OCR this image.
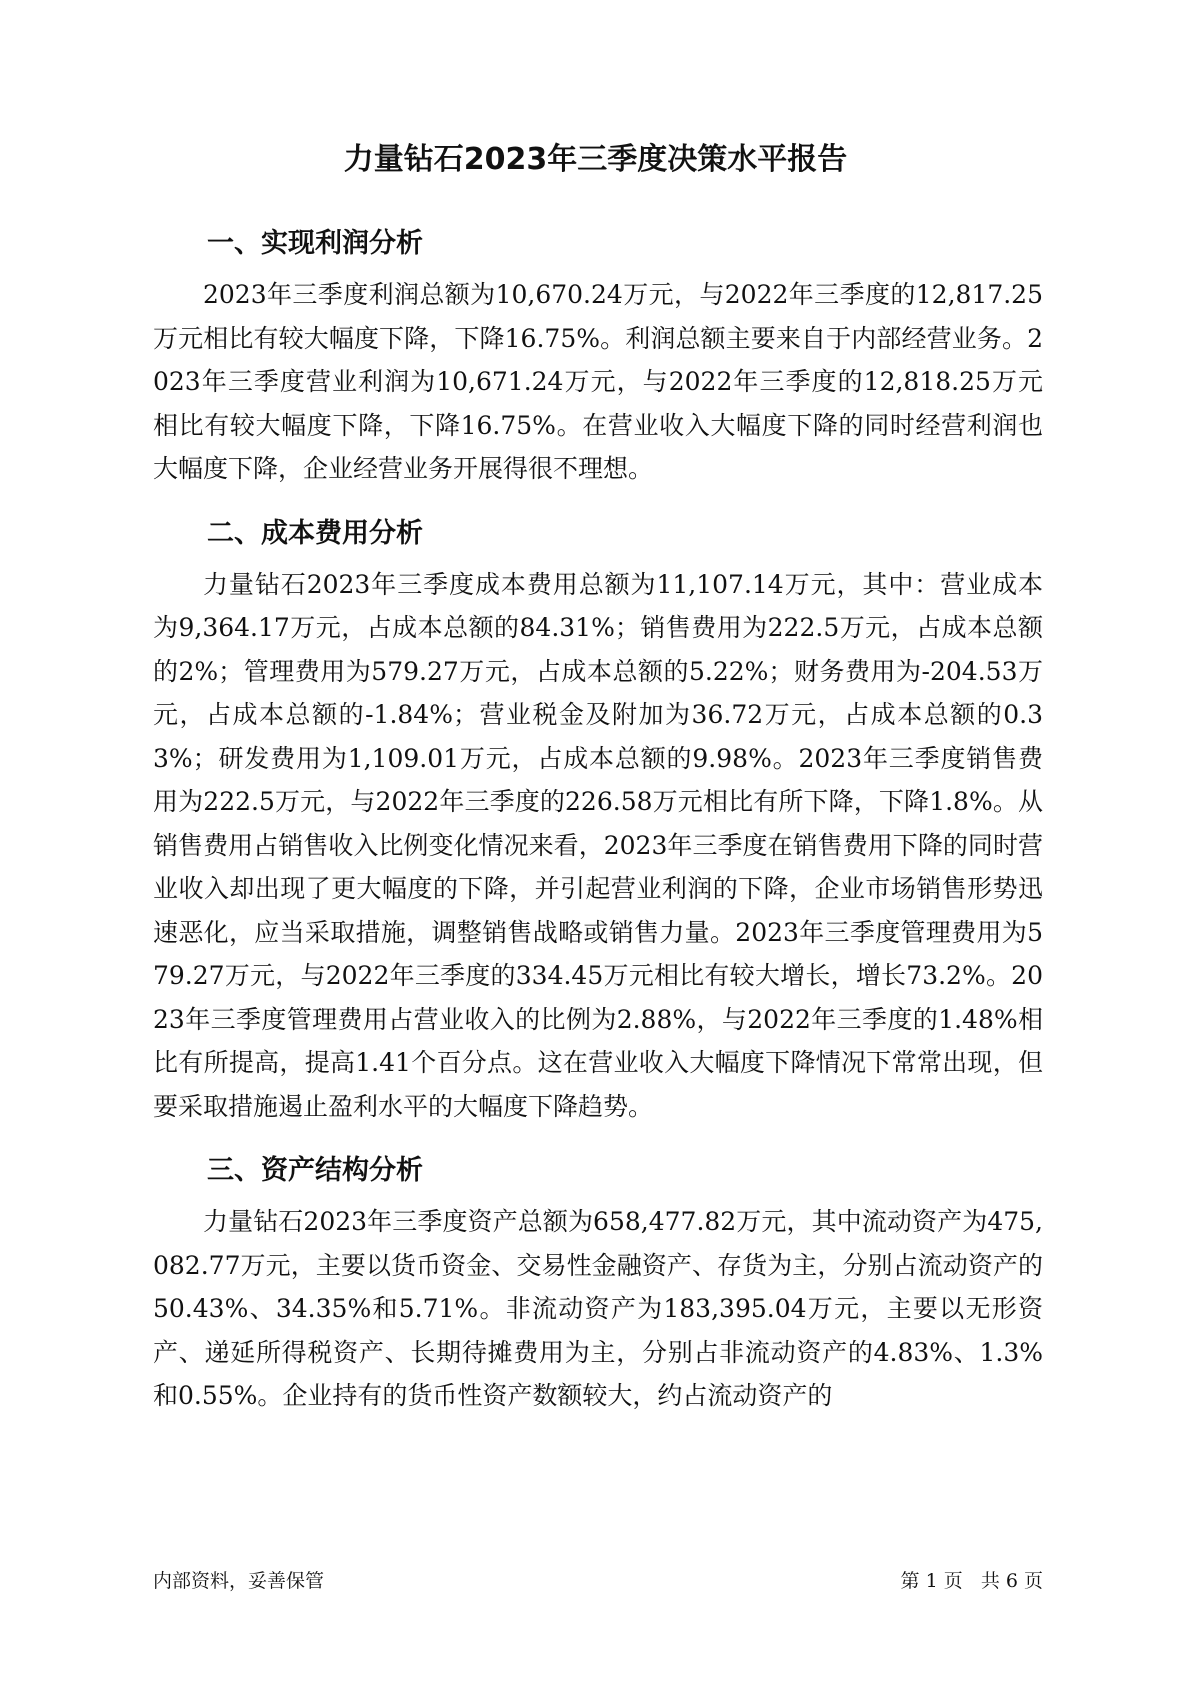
力量钻石2023年三季度决策水平报告
一、实现利润分析

2023年三季度利润总额为10,670.24万元，与2022年三季度的12,817.25万元相比有较大幅度下降，下降16.75%。利润总额主要来自于内部经营业务。2023年三季度营业利润为10,671.24万元，与2022年三季度的12,818.25万元相比有较大幅度下降，下降16.75%。在营业收入大幅度下降的同时经营利润也大幅度下降，企业经营业务开展得很不理想。

二、成本费用分析

力量钻石2023年三季度成本费用总额为11,107.14万元，其中：营业成本为9,364.17万元，占成本总额的84.31%；销售费用为222.5万元，占成本总额的2%；管理费用为579.27万元，占成本总额的5.22%；财务费用为-204.53万元，占成本总额的-1.84%；营业税金及附加为36.72万元，占成本总额的0.33%；研发费用为1,109.01万元，占成本总额的9.98%。2023年三季度销售费用为222.5万元，与2022年三季度的226.58万元相比有所下降，下降1.8%。从销售费用占销售收入比例变化情况来看，2023年三季度在销售费用下降的同时营业收入却出现了更大幅度的下降，并引起营业利润的下降，企业市场销售形势迅速恶化，应当采取措施，调整销售战略或销售力量。2023年三季度管理费用为579.27万元，与2022年三季度的334.45万元相比有较大增长，增长73.2%。2023年三季度管理费用占营业收入的比例为2.88%，与2022年三季度的1.48%相比有所提高，提高1.41个百分点。这在营业收入大幅度下降情况下常常出现，但要采取措施遏止盈利水平的大幅度下降趋势。

三、资产结构分析

力量钻石2023年三季度资产总额为658,477.82万元，其中流动资产为475,082.77万元，主要以货币资金、交易性金融资产、存货为主，分别占流动资产的50.43%、34.35%和5.71%。非流动资产为183,395.04万元，主要以无形资产、递延所得税资产、长期待摊费用为主，分别占非流动资产的4.83%、1.3%和0.55%。企业持有的货币性资产数额较大，约占流动资产的

内部资料，妥善保管	第 1 页   共 6 页
